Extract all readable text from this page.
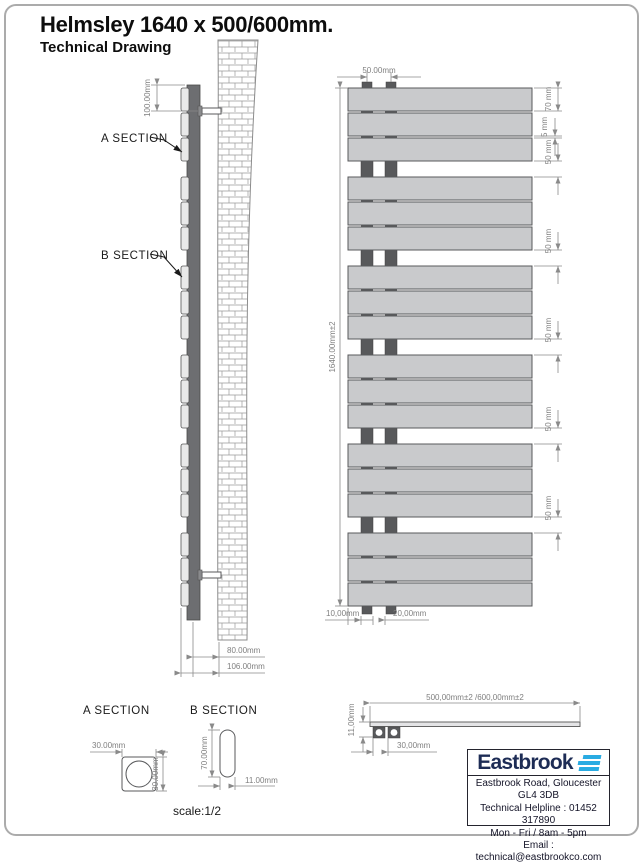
Helmsley 1640 x 500/600mm.
Technical Drawing
100.00mm
A SECTION
B SECTION
80.00mm
106.00mm
50.00mm
1640.00mm±2
70 mm
5 mm
50 mm
50 mm
50 mm
50 mm
50 mm
10,00mm	20,00mm
A SECTION	B SECTION
30.00mm
30.00mm
70.00mm
11.00mm
scale:1/2
500,00mm±2 /600,00mm±2
11,00mm
30,00mm
Eastbrook
Eastbrook Road, Gloucester GL4 3DB
Technical Helpline : 01452 317890
Mon - Fri / 8am - 5pm
Email : technical@eastbrookco.com
